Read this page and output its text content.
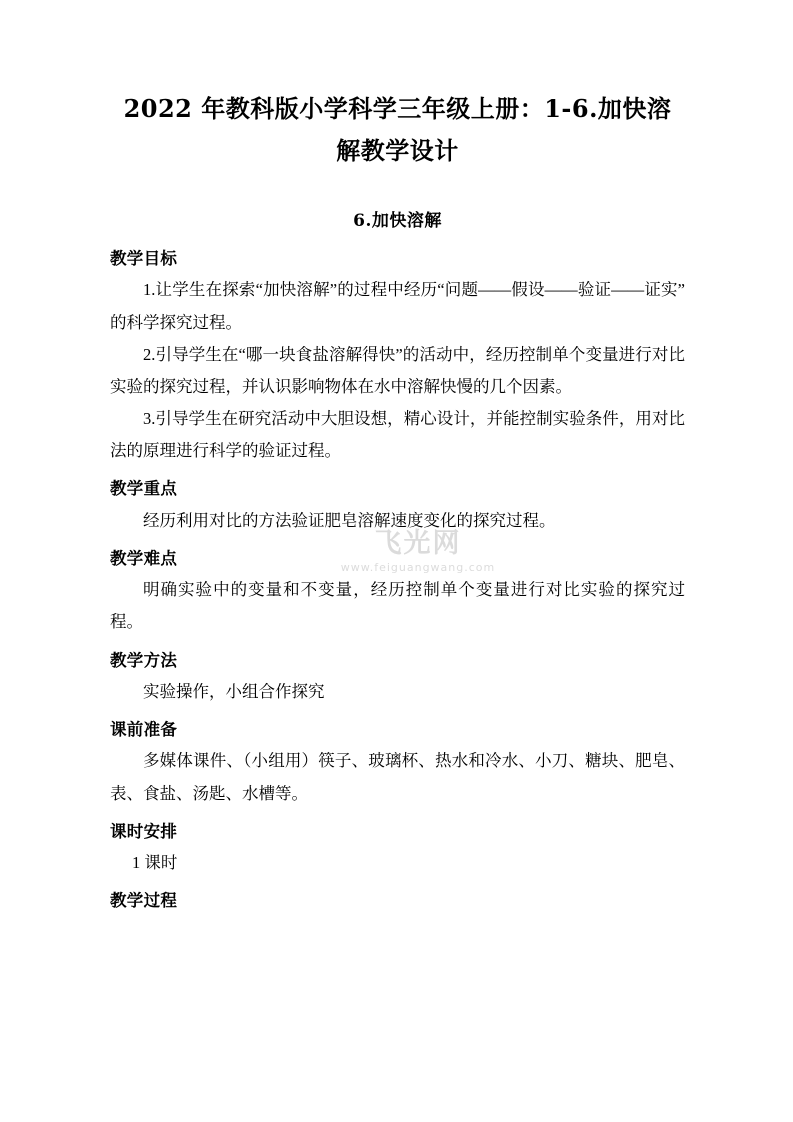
2022 年教科版小学科学三年级上册：1-6.加快溶解教学设计
6.加快溶解
教学目标

1.让学生在探索“加快溶解”的过程中经历“问题——假设——验证——证实”的科学探究过程。

2.引导学生在“哪一块食盐溶解得快”的活动中，经历控制单个变量进行对比实验的探究过程，并认识影响物体在水中溶解快慢的几个因素。

3.引导学生在研究活动中大胆设想，精心设计，并能控制实验条件，用对比法的原理进行科学的验证过程。

教学重点

经历利用对比的方法验证肥皂溶解速度变化的探究过程。

教学难点

明确实验中的变量和不变量，经历控制单个变量进行对比实验的探究过程。

教学方法

实验操作，小组合作探究

课前准备

多媒体课件、（小组用）筷子、玻璃杯、热水和冷水、小刀、糖块、肥皂、表、食盐、汤匙、水槽等。

课时安排

1 课时

教学过程
飞光网
www.feiguangwang.com
